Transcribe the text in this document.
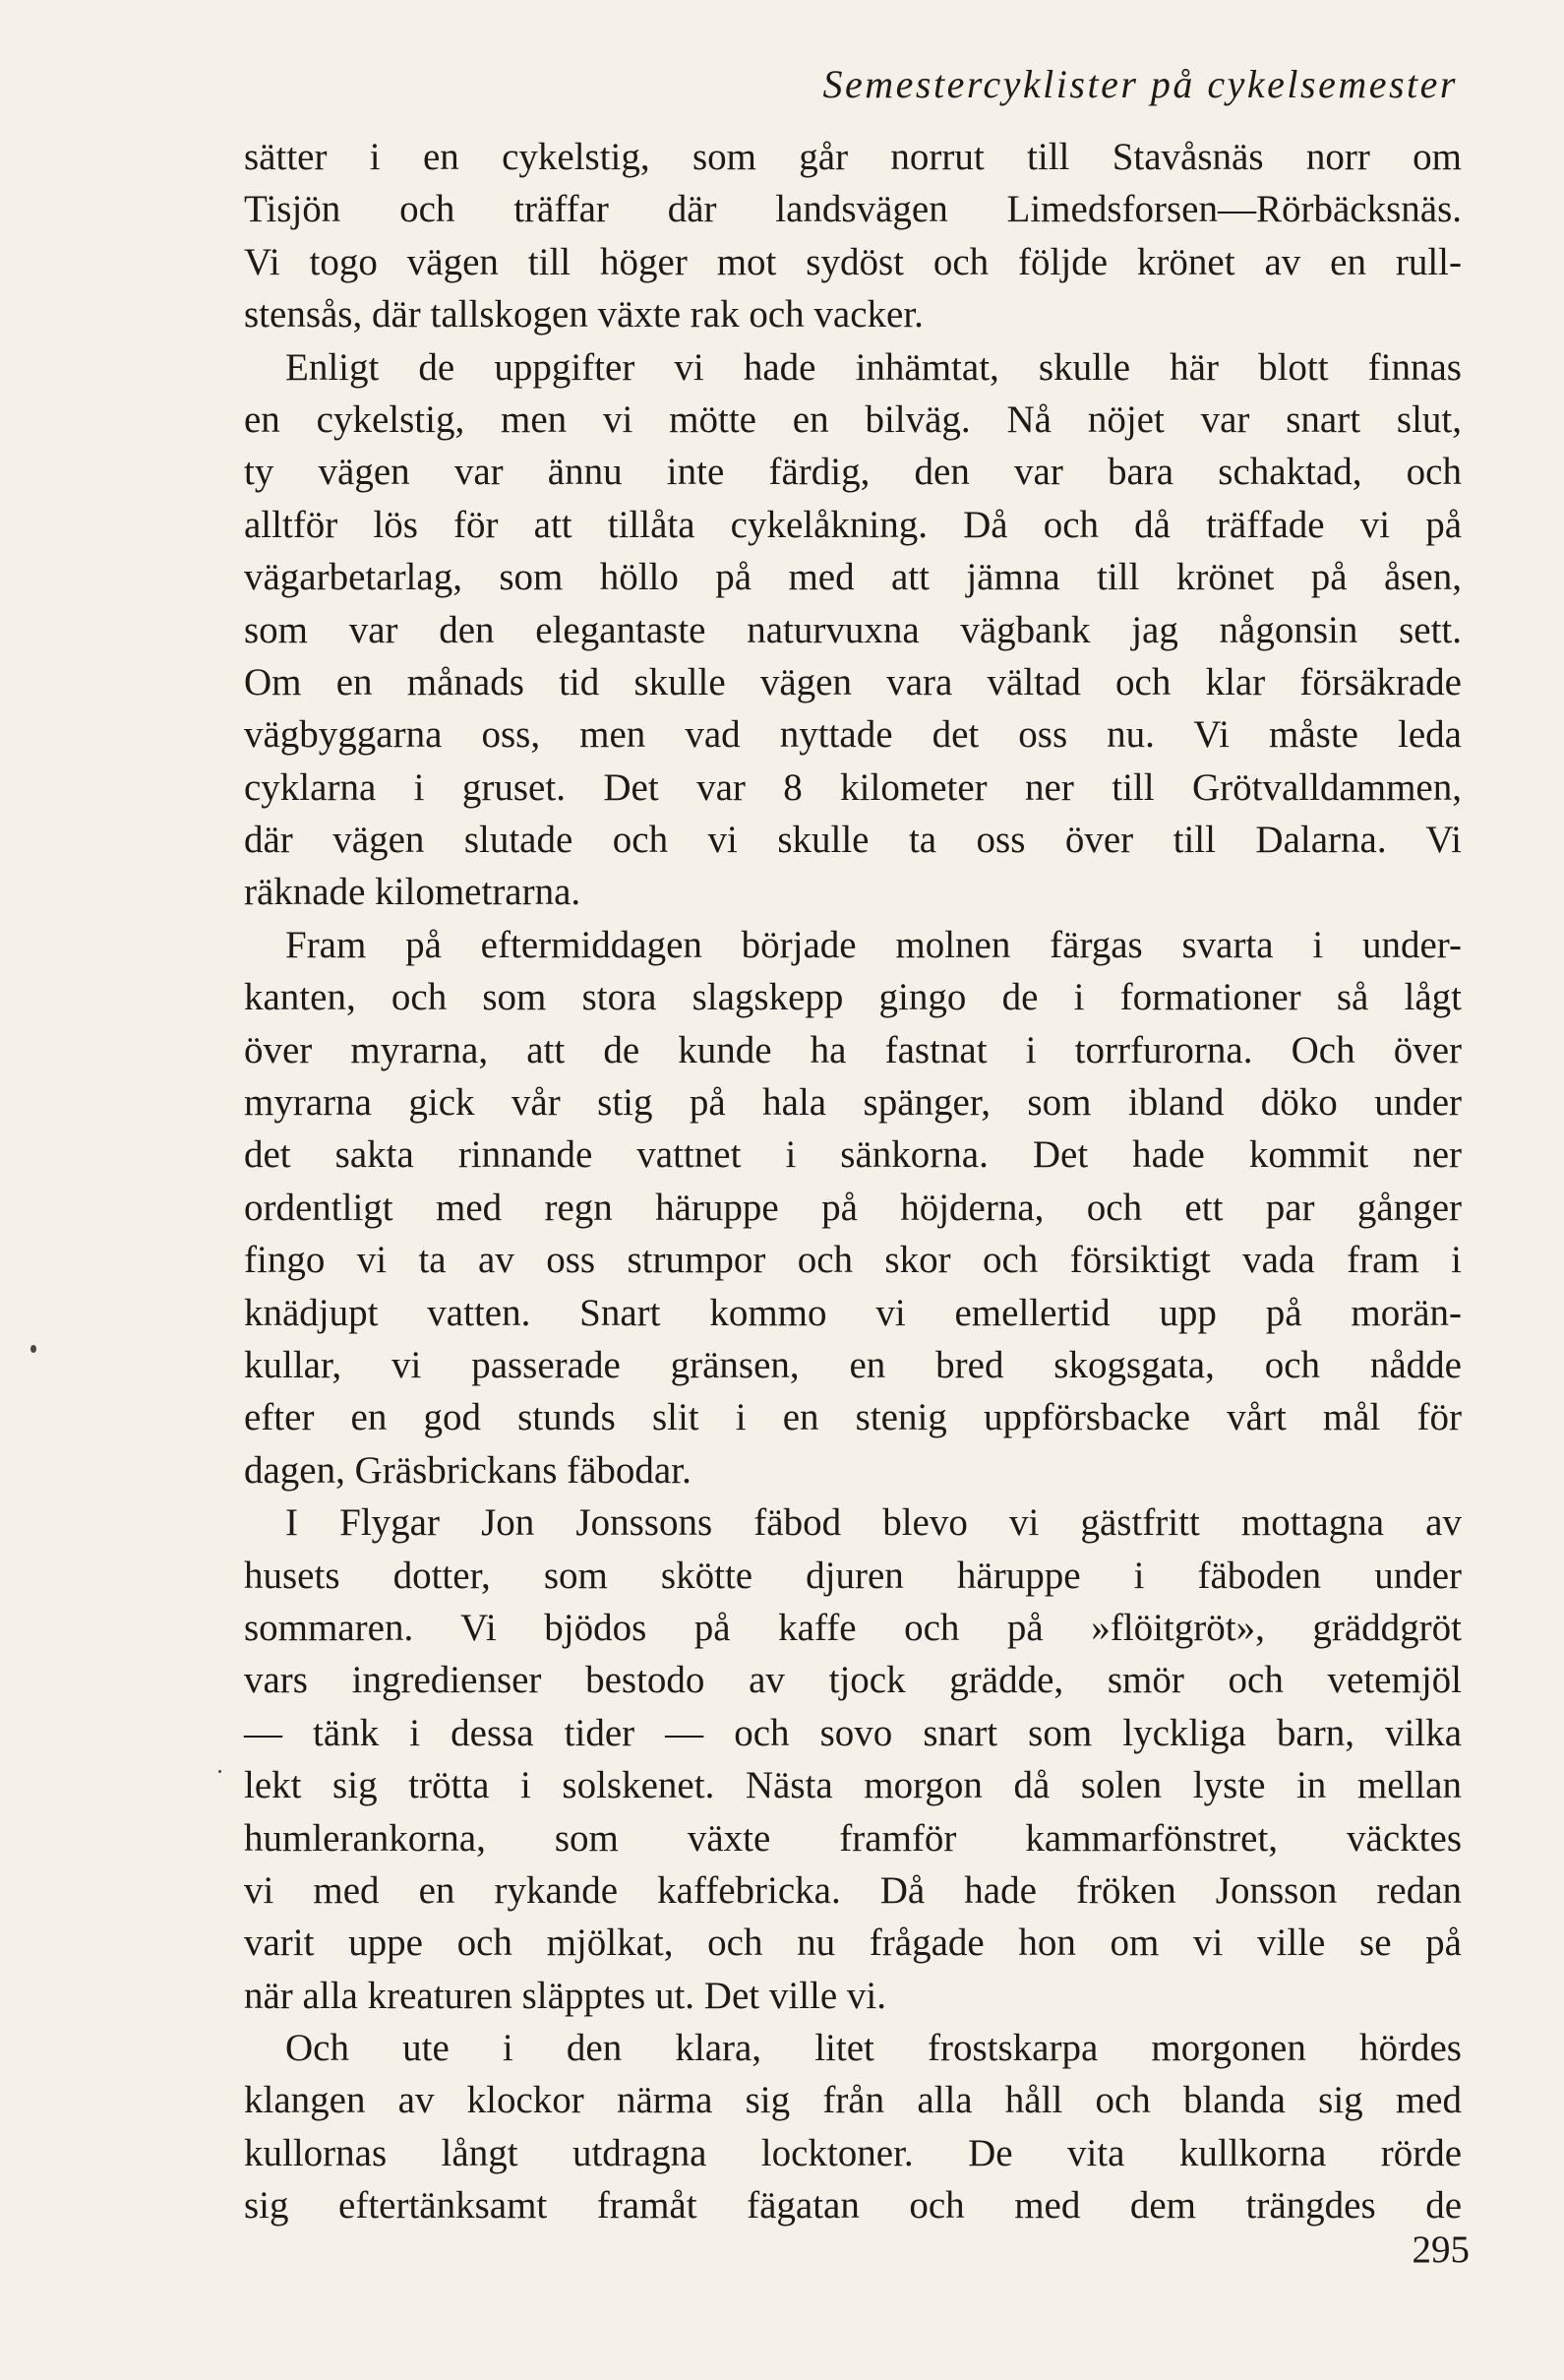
Semestercyklister på cykelsemester
sätter i en cykelstig, som går norrut till Stavåsnäs norr om
Tisjön och träffar där landsvägen Limedsforsen—Rörbäcksnäs.
Vi togo vägen till höger mot sydöst och följde krönet av en rull-
stensås, där tallskogen växte rak och vacker.
Enligt de uppgifter vi hade inhämtat, skulle här blott finnas
en cykelstig, men vi mötte en bilväg. Nå nöjet var snart slut,
ty vägen var ännu inte färdig, den var bara schaktad, och
alltför lös för att tillåta cykelåkning. Då och då träffade vi på
vägarbetarlag, som höllo på med att jämna till krönet på åsen,
som var den elegantaste naturvuxna vägbank jag någonsin sett.
Om en månads tid skulle vägen vara vältad och klar försäkrade
vägbyggarna oss, men vad nyttade det oss nu. Vi måste leda
cyklarna i gruset. Det var 8 kilometer ner till Grötvalldammen,
där vägen slutade och vi skulle ta oss över till Dalarna. Vi
räknade kilometrarna.
Fram på eftermiddagen började molnen färgas svarta i under-
kanten, och som stora slagskepp gingo de i formationer så lågt
över myrarna, att de kunde ha fastnat i torrfurorna. Och över
myrarna gick vår stig på hala spänger, som ibland döko under
det sakta rinnande vattnet i sänkorna. Det hade kommit ner
ordentligt med regn häruppe på höjderna, och ett par gånger
fingo vi ta av oss strumpor och skor och försiktigt vada fram i
knädjupt vatten. Snart kommo vi emellertid upp på morän-
kullar, vi passerade gränsen, en bred skogsgata, och nådde
efter en god stunds slit i en stenig uppförsbacke vårt mål för
dagen, Gräsbrickans fäbodar.
I Flygar Jon Jonssons fäbod blevo vi gästfritt mottagna av
husets dotter, som skötte djuren häruppe i fäboden under
sommaren. Vi bjödos på kaffe och på »flöitgröt», gräddgröt
vars ingredienser bestodo av tjock grädde, smör och vetemjöl
— tänk i dessa tider — och sovo snart som lyckliga barn, vilka
lekt sig trötta i solskenet. Nästa morgon då solen lyste in mellan
humlerankorna, som växte framför kammarfönstret, väcktes
vi med en rykande kaffebricka. Då hade fröken Jonsson redan
varit uppe och mjölkat, och nu frågade hon om vi ville se på
när alla kreaturen släpptes ut. Det ville vi.
Och ute i den klara, litet frostskarpa morgonen hördes
klangen av klockor närma sig från alla håll och blanda sig med
kullornas långt utdragna locktoner. De vita kullkorna rörde
sig eftertänksamt framåt fägatan och med dem trängdes de
295
